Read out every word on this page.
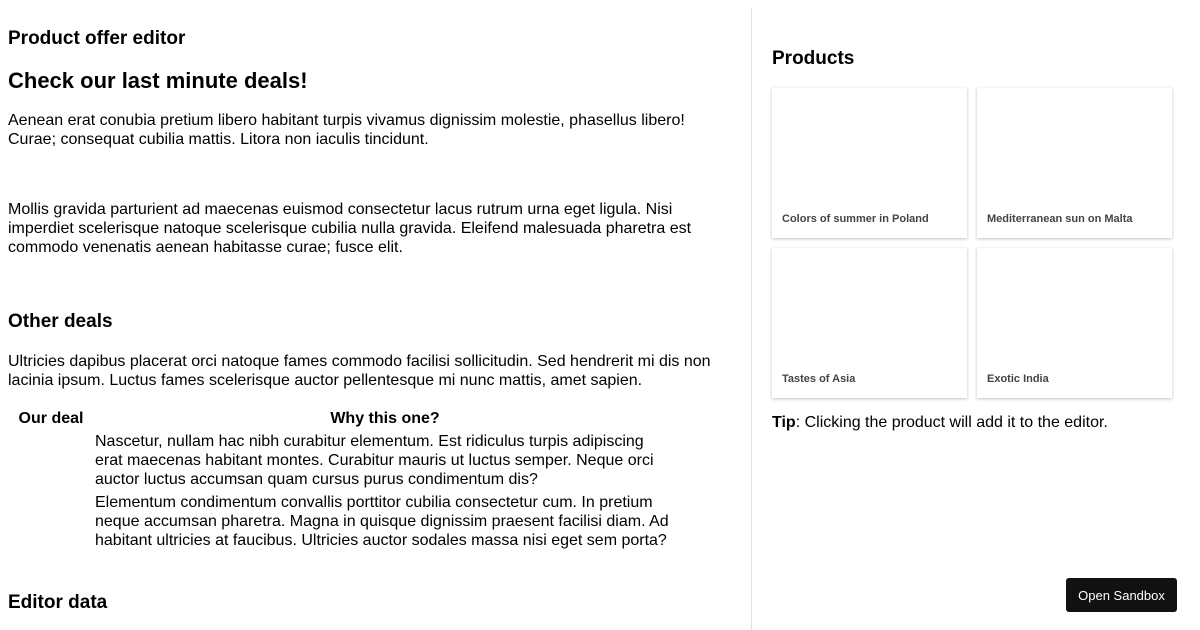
Product offer editor
Check our last minute deals!

Aenean erat conubia pretium libero habitant turpis vivamus dignissim molestie, phasellus libero! Curae; consequat cubilia mattis. Litora non iaculis tincidunt.

Mollis gravida parturient ad maecenas euismod consectetur lacus rutrum urna eget ligula. Nisi imperdiet scelerisque natoque scelerisque cubilia nulla gravida. Eleifend malesuada pharetra est commodo venenatis aenean habitasse curae; fusce elit.

Other deals

Ultricies dapibus placerat orci natoque fames commodo facilisi sollicitudin. Sed hendrerit mi dis non lacinia ipsum. Luctus fames scelerisque auctor pellentesque mi nunc mattis, amet sapien.

Our deal	Why this one?
	Nascetur, nullam hac nibh curabitur elementum. Est ridiculus turpis adipiscing erat maecenas habitant montes. Curabitur mauris ut luctus semper. Neque orci auctor luctus accumsan quam cursus purus condimentum dis?
	Elementum condimentum convallis porttitor cubilia consectetur cum. In pretium neque accumsan pharetra. Magna in quisque dignissim praesent facilisi diam. Ad habitant ultricies at faucibus. Ultricies auctor sodales massa nisi eget sem porta?
Editor data
Products
Colors of summer in Poland	Mediterranean sun on Malta
Tastes of Asia	Exotic India

Tip: Clicking the product will add it to the editor.

Open Sandbox
